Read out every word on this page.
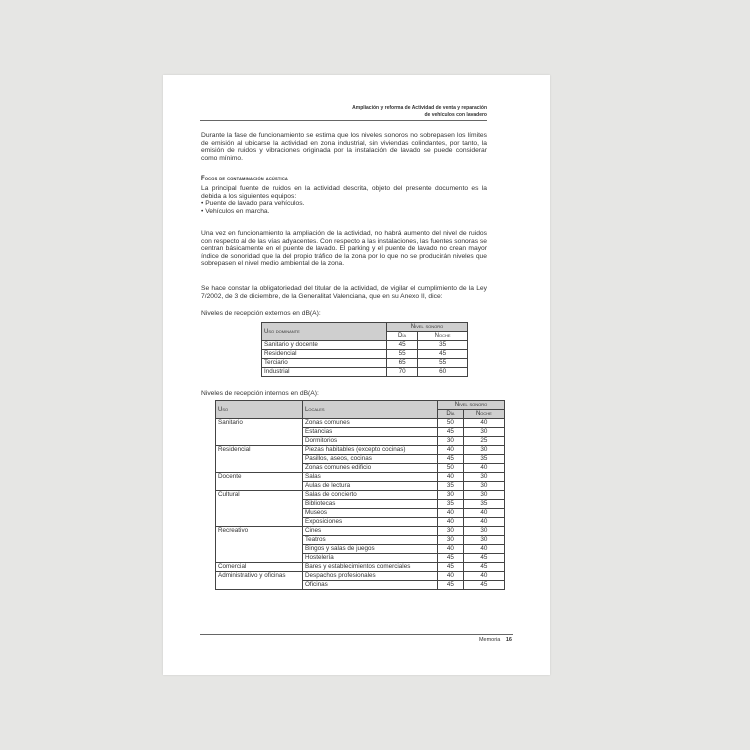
Ampliación y reforma de Actividad de venta y reparación
de vehículos con lavadero
Durante la fase de funcionamiento se estima que los niveles sonoros no sobrepasen los límites de emisión al ubicarse la actividad en zona industrial, sin viviendas colindantes, por tanto, la emisión de ruidos y vibraciones originada por la instalación de lavado se puede considerar como mínimo.
Focos de contaminación acústica
La principal fuente de ruidos en la actividad descrita, objeto del presente documento es la debida a los siguientes equipos:
• Puente de lavado para vehículos.
• Vehículos en marcha.
Una vez en funcionamiento la ampliación de la actividad, no habrá aumento del nivel de ruidos con respecto al de las vías adyacentes. Con respecto a las instalaciones, las fuentes sonoras se centran básicamente en el puente de lavado. El parking y el puente de lavado no crean mayor índice de sonoridad que la del propio tráfico de la zona por lo que no se producirán niveles que sobrepasen el nivel medio ambiental de la zona.
Se hace constar la obligatoriedad del titular de la actividad, de vigilar el cumplimiento de la Ley 7/2002, de 3 de diciembre, de la Generalitat Valenciana, que en su Anexo II, dice:
Niveles de recepción externos en dB(A):
Uso dominante	Nivel sonoro	
	Día	Noche
Sanitario y docente	45	35
Residencial	55	45
Terciario	65	55
Industrial	70	60
Niveles de recepción internos en dB(A):
Uso	Locales	Nivel sonoro	
		Día	Noche
Sanitario	Zonas comunes	50	40
	Estancias	45	30
	Dormitorios	30	25
Residencial	Piezas habitables (excepto cocinas)	40	30
	Pasillos, aseos, cocinas	45	35
	Zonas comunes edificio	50	40
Docente	Salas	40	30
	Aulas de lectura	35	30
Cultural	Salas de concierto	30	30
	Bibliotecas	35	35
	Museos	40	40
	Exposiciones	40	40
Recreativo	Cines	30	30
	Teatros	30	30
	Bingos y salas de juegos	40	40
	Hostelería	45	45
Comercial	Bares y establecimientos comerciales	45	45
Administrativo y oficinas	Despachos profesionales	40	40
	Oficinas	45	45
Memoria 16
